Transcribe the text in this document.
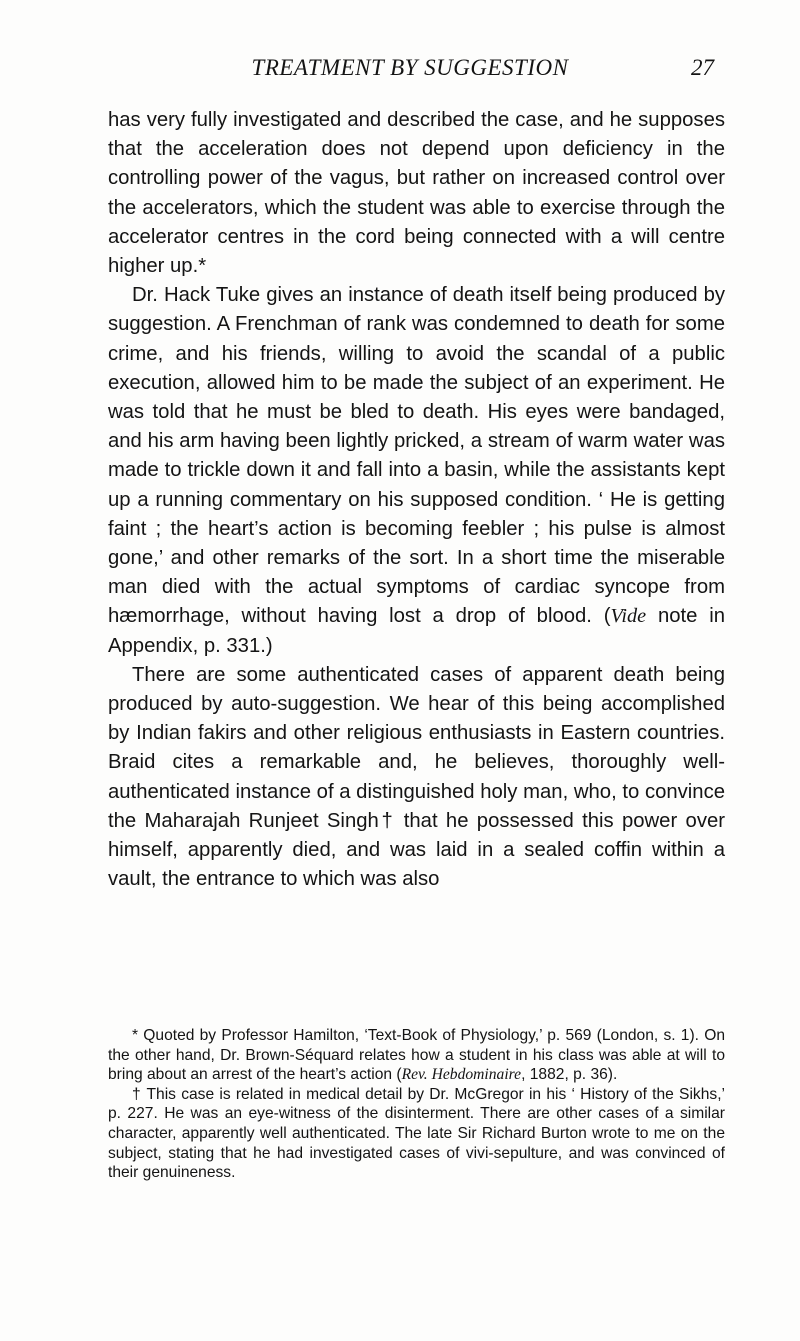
TREATMENT BY SUGGESTION	27

has very fully investigated and described the case, and he supposes that the acceleration does not depend upon deficiency in the controlling power of the vagus, but rather on increased control over the accelerators, which the student was able to exercise through the accelerator centres in the cord being connected with a will centre higher up.*

Dr. Hack Tuke gives an instance of death itself being produced by suggestion. A Frenchman of rank was condemned to death for some crime, and his friends, willing to avoid the scandal of a public execution, allowed him to be made the subject of an experiment. He was told that he must be bled to death. His eyes were bandaged, and his arm having been lightly pricked, a stream of warm water was made to trickle down it and fall into a basin, while the assistants kept up a running commentary on his supposed condition. ‘ He is getting faint ; the heart’s action is becoming feebler ; his pulse is almost gone,’ and other remarks of the sort. In a short time the miserable man died with the actual symptoms of cardiac syncope from hæmorrhage, without having lost a drop of blood. (Vide note in Appendix, p. 331.)

There are some authenticated cases of apparent death being produced by auto-suggestion. We hear of this being accomplished by Indian fakirs and other religious enthusiasts in Eastern countries. Braid cites a remarkable and, he believes, thoroughly well-authenticated instance of a distinguished holy man, who, to convince the Maharajah Runjeet Singh† that he possessed this power over himself, apparently died, and was laid in a sealed coffin within a vault, the entrance to which was also

* Quoted by Professor Hamilton, ‘Text-Book of Physiology,’ p. 569 (London, s. 1). On the other hand, Dr. Brown-Séquard relates how a student in his class was able at will to bring about an arrest of the heart’s action (Rev. Hebdominaire, 1882, p. 36).

† This case is related in medical detail by Dr. McGregor in his ‘ History of the Sikhs,’ p. 227. He was an eye-witness of the disinterment. There are other cases of a similar character, apparently well authenticated. The late Sir Richard Burton wrote to me on the subject, stating that he had investigated cases of vivi-sepulture, and was convinced of their genuineness.
